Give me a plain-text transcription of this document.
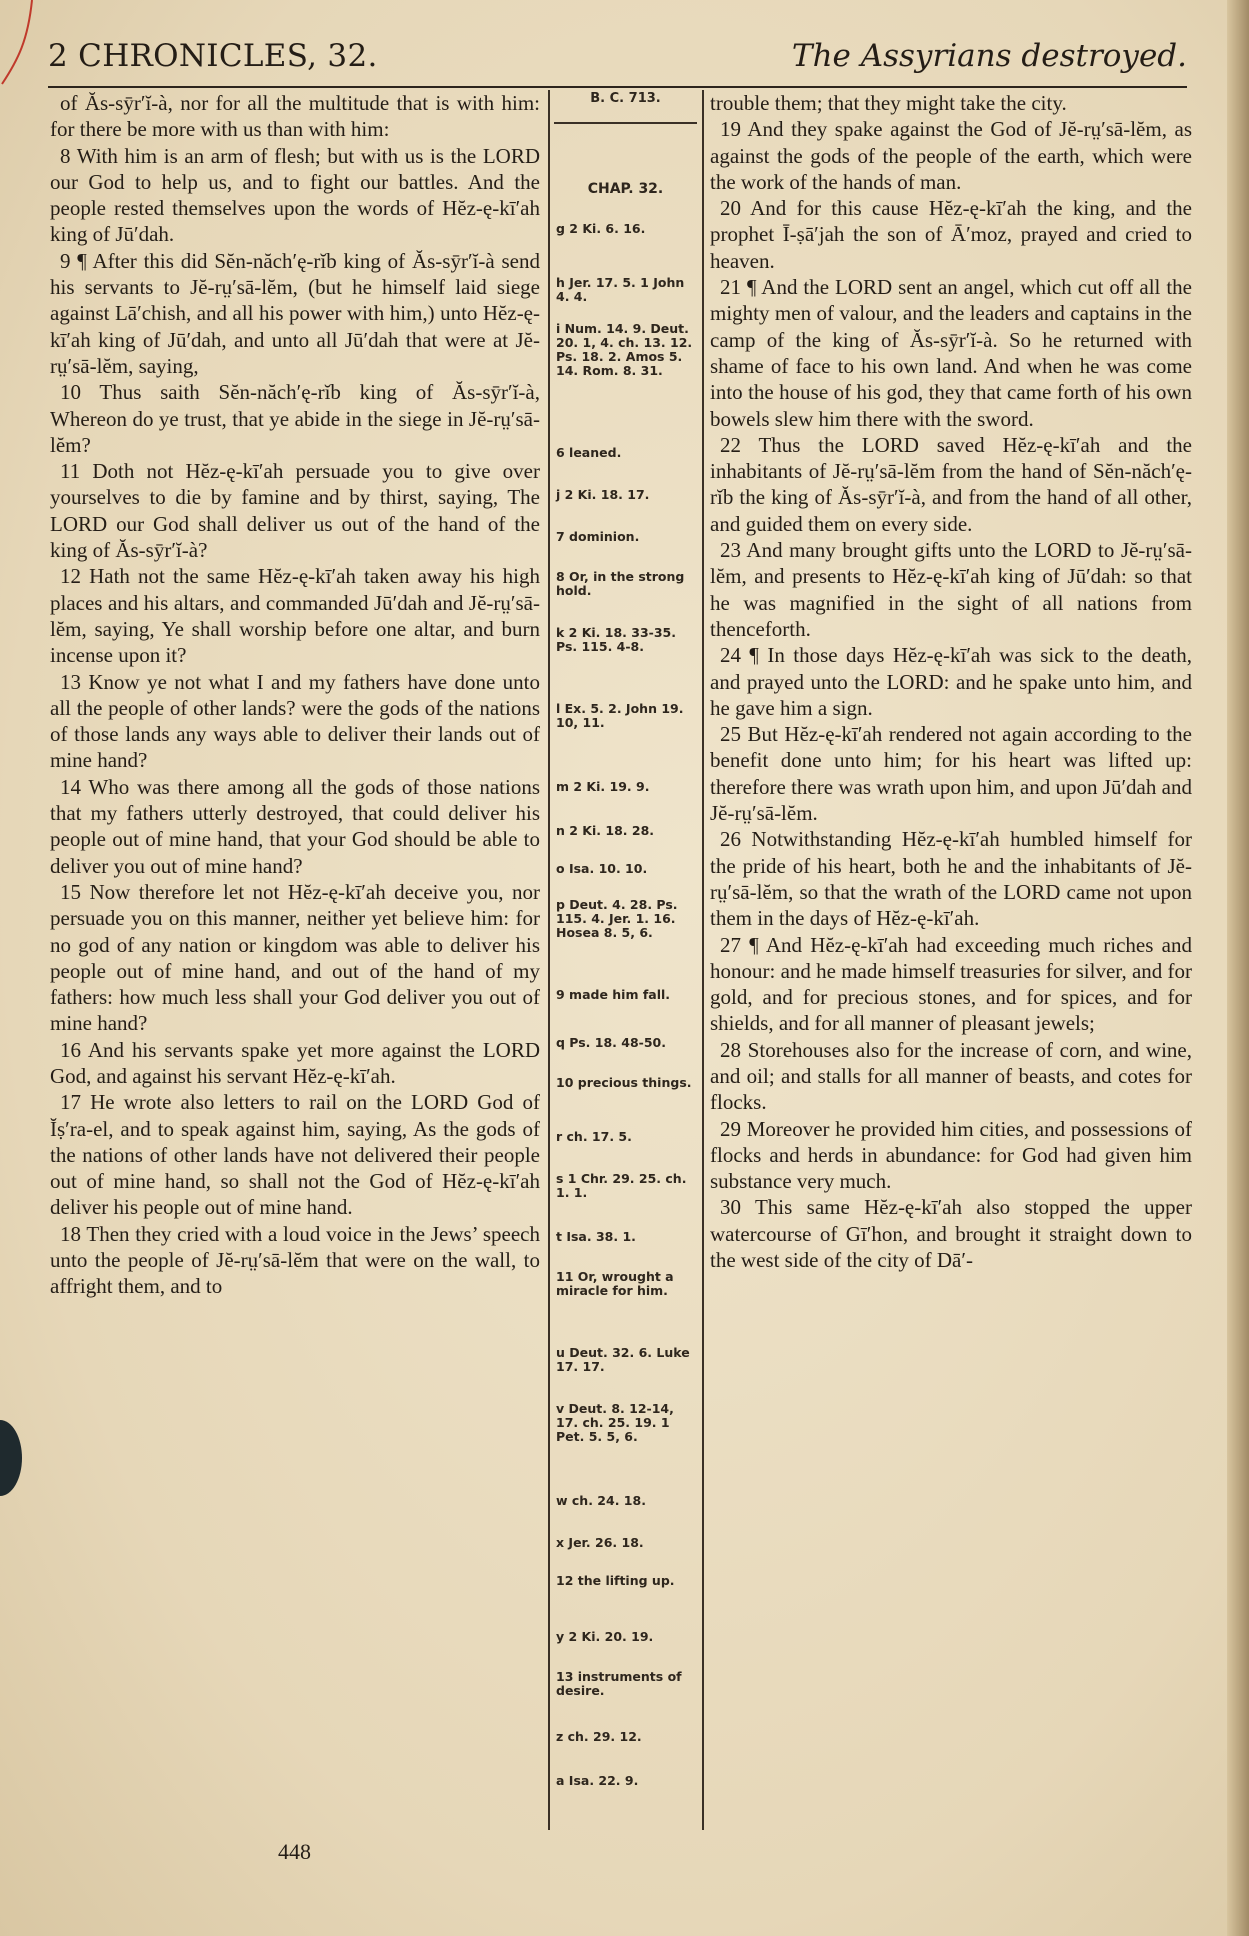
2 CHRONICLES, 32.	The Assyrians destroyed.

of Ăs-sȳr′ĭ-à, nor for all the multitude that is with him: for there be more with us than with him:

8 With him is an arm of flesh; but with us is the LORD our God to help us, and to fight our battles. And the people rested themselves upon the words of Hĕz-ę-kī′ah king of Jū′dah.

9 ¶ After this did Sĕn-năch′ę-rĭb king of Ăs-sȳr′ĭ-à send his servants to Jĕ-rṳ′sā-lĕm, (but he himself laid siege against Lā′chish, and all his power with him,) unto Hĕz-ę-kī′ah king of Jū′dah, and unto all Jū′dah that were at Jĕ-rṳ′sā-lĕm, saying,

10 Thus saith Sĕn-năch′ę-rĭb king of Ăs-sȳr′ĭ-à, Whereon do ye trust, that ye abide in the siege in Jĕ-rṳ′sā-lĕm?

11 Doth not Hĕz-ę-kī′ah persuade you to give over yourselves to die by famine and by thirst, saying, The LORD our God shall deliver us out of the hand of the king of Ăs-sȳr′ĭ-à?

12 Hath not the same Hĕz-ę-kī′ah taken away his high places and his altars, and commanded Jū′dah and Jĕ-rṳ′sā-lĕm, saying, Ye shall worship before one altar, and burn incense upon it?

13 Know ye not what I and my fathers have done unto all the people of other lands? were the gods of the nations of those lands any ways able to deliver their lands out of mine hand?

14 Who was there among all the gods of those nations that my fathers utterly destroyed, that could deliver his people out of mine hand, that your God should be able to deliver you out of mine hand?

15 Now therefore let not Hĕz-ę-kī′ah deceive you, nor persuade you on this manner, neither yet believe him: for no god of any nation or kingdom was able to deliver his people out of mine hand, and out of the hand of my fathers: how much less shall your God deliver you out of mine hand?

16 And his servants spake yet more against the LORD God, and against his servant Hĕz-ę-kī′ah.

17 He wrote also letters to rail on the LORD God of Ĭṣ′ra-el, and to speak against him, saying, As the gods of the nations of other lands have not delivered their people out of mine hand, so shall not the God of Hĕz-ę-kī′ah deliver his people out of mine hand.

18 Then they cried with a loud voice in the Jews’ speech unto the people of Jĕ-rṳ′sā-lĕm that were on the wall, to affright them, and to

B. C. 713.
CHAP. 32.
g 2 Ki. 6. 16.
h Jer. 17. 5. 1 John 4. 4.
i Num. 14. 9. Deut. 20. 1, 4. ch. 13. 12. Ps. 18. 2. Amos 5. 14. Rom. 8. 31.
6 leaned.
j 2 Ki. 18. 17.
7 dominion.
8 Or, in the strong hold.
k 2 Ki. 18. 33-35. Ps. 115. 4-8.
l Ex. 5. 2. John 19. 10, 11.
m 2 Ki. 19. 9.
n 2 Ki. 18. 28.
o Isa. 10. 10.
p Deut. 4. 28. Ps. 115. 4. Jer. 1. 16. Hosea 8. 5, 6.
9 made him fall.
q Ps. 18. 48-50.
10 precious things.
r ch. 17. 5.
s 1 Chr. 29. 25. ch. 1. 1.
t Isa. 38. 1.
11 Or, wrought a miracle for him.
u Deut. 32. 6. Luke 17. 17.
v Deut. 8. 12-14, 17. ch. 25. 19. 1 Pet. 5. 5, 6.
w ch. 24. 18.
x Jer. 26. 18.
12 the lifting up.
y 2 Ki. 20. 19.
13 instruments of desire.
z ch. 29. 12.
a Isa. 22. 9.

trouble them; that they might take the city.

19 And they spake against the God of Jĕ-rṳ′sā-lĕm, as against the gods of the people of the earth, which were the work of the hands of man.

20 And for this cause Hĕz-ę-kī′ah the king, and the prophet Ī-ṣā′jah the son of Ā′moz, prayed and cried to heaven.

21 ¶ And the LORD sent an angel, which cut off all the mighty men of valour, and the leaders and captains in the camp of the king of Ăs-sȳr′ĭ-à. So he returned with shame of face to his own land. And when he was come into the house of his god, they that came forth of his own bowels slew him there with the sword.

22 Thus the LORD saved Hĕz-ę-kī′ah and the inhabitants of Jĕ-rṳ′sā-lĕm from the hand of Sĕn-năch′ę-rĭb the king of Ăs-sȳr′ĭ-à, and from the hand of all other, and guided them on every side.

23 And many brought gifts unto the LORD to Jĕ-rṳ′sā-lĕm, and presents to Hĕz-ę-kī′ah king of Jū′dah: so that he was magnified in the sight of all nations from thenceforth.

24 ¶ In those days Hĕz-ę-kī′ah was sick to the death, and prayed unto the LORD: and he spake unto him, and he gave him a sign.

25 But Hĕz-ę-kī′ah rendered not again according to the benefit done unto him; for his heart was lifted up: therefore there was wrath upon him, and upon Jū′dah and Jĕ-rṳ′sā-lĕm.

26 Notwithstanding Hĕz-ę-kī′ah humbled himself for the pride of his heart, both he and the inhabitants of Jĕ-rṳ′sā-lĕm, so that the wrath of the LORD came not upon them in the days of Hĕz-ę-kī′ah.

27 ¶ And Hĕz-ę-kī′ah had exceeding much riches and honour: and he made himself treasuries for silver, and for gold, and for precious stones, and for spices, and for shields, and for all manner of pleasant jewels;

28 Storehouses also for the increase of corn, and wine, and oil; and stalls for all manner of beasts, and cotes for flocks.

29 Moreover he provided him cities, and possessions of flocks and herds in abundance: for God had given him substance very much.

30 This same Hĕz-ę-kī′ah also stopped the upper watercourse of Gī′hon, and brought it straight down to the west side of the city of Dā′-

448
